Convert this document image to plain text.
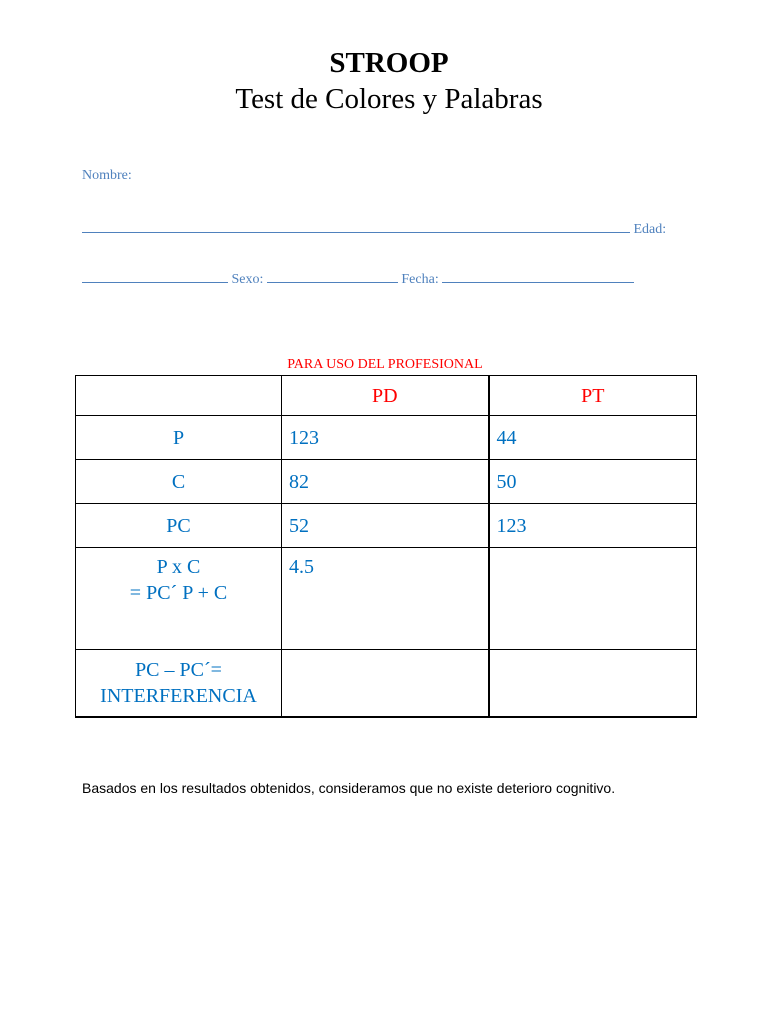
STROOP
Test de Colores y Palabras
Nombre:
Edad:
Sexo:	Fecha:
PARA USO DEL PROFESIONAL
	PD	PT
P	123	44
C	82	50
PC	52	123

P x C
= PC´ P + C	4.5	

PC – PC´=
INTERFERENCIA		

Basados en los resultados obtenidos, consideramos que no existe deterioro cognitivo.
